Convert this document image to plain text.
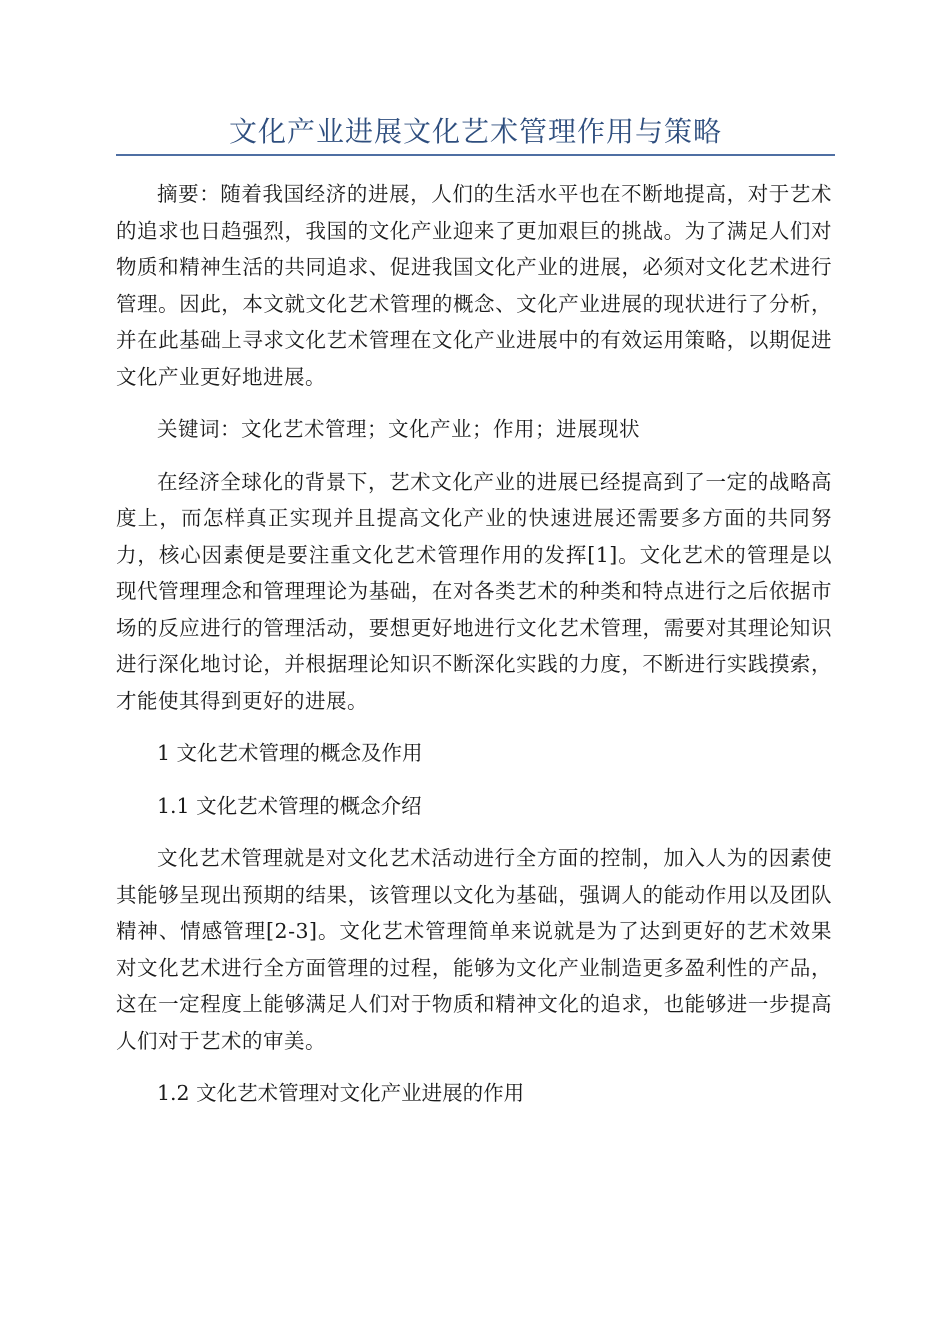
文化产业进展文化艺术管理作用与策略

摘要：随着我国经济的进展，人们的生活水平也在不断地提高，对于艺术的追求也日趋强烈，我国的文化产业迎来了更加艰巨的挑战。为了满足人们对物质和精神生活的共同追求、促进我国文化产业的进展，必须对文化艺术进行管理。因此，本文就文化艺术管理的概念、文化产业进展的现状进行了分析，并在此基础上寻求文化艺术管理在文化产业进展中的有效运用策略，以期促进文化产业更好地进展。

关键词：文化艺术管理；文化产业；作用；进展现状

在经济全球化的背景下，艺术文化产业的进展已经提高到了一定的战略高度上，而怎样真正实现并且提高文化产业的快速进展还需要多方面的共同努力，核心因素便是要注重文化艺术管理作用的发挥[1]。文化艺术的管理是以现代管理理念和管理理论为基础，在对各类艺术的种类和特点进行之后依据市场的反应进行的管理活动，要想更好地进行文化艺术管理，需要对其理论知识进行深化地讨论，并根据理论知识不断深化实践的力度，不断进行实践摸索，才能使其得到更好的进展。

1 文化艺术管理的概念及作用

1.1 文化艺术管理的概念介绍

文化艺术管理就是对文化艺术活动进行全方面的控制，加入人为的因素使其能够呈现出预期的结果，该管理以文化为基础，强调人的能动作用以及团队精神、情感管理[2-3]。文化艺术管理简单来说就是为了达到更好的艺术效果对文化艺术进行全方面管理的过程，能够为文化产业制造更多盈利性的产品，这在一定程度上能够满足人们对于物质和精神文化的追求，也能够进一步提高人们对于艺术的审美。

1.2 文化艺术管理对文化产业进展的作用
